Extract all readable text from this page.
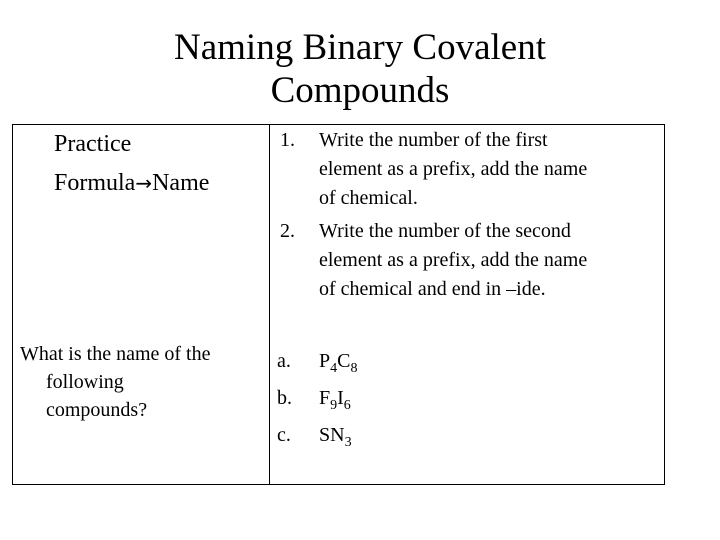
Naming Binary Covalent
Compounds
Practice
Formula→Name
What is the name of the
following
compounds?
1. Write the number of the first
element as a prefix, add the name
of chemical.
2. Write the number of the second
element as a prefix, add the name
of chemical and end in –ide.
a. $P_4C_8$
b. $F_9I_6$
c. $SN_3$
